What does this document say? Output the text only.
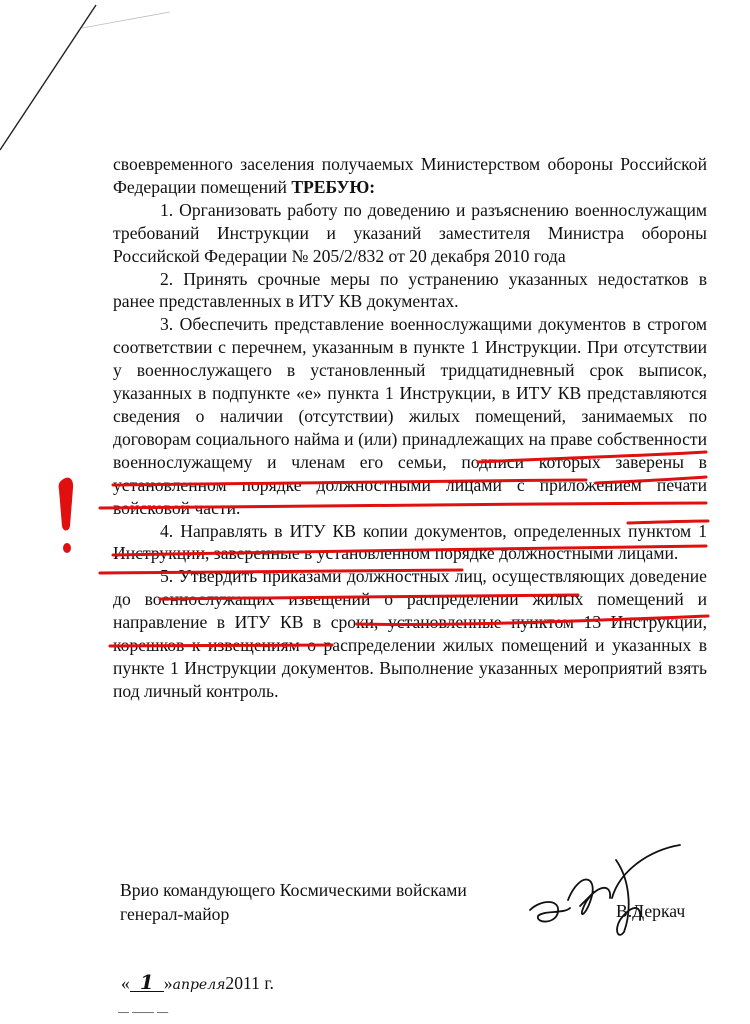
своевременного заселения получаемых Министерством обороны Российской Федерации помещений ТРЕБУЮ:

1. Организовать работу по доведению и разъяснению военнослужащим требований Инструкции и указаний заместителя Министра обороны Российской Федерации № 205/2/832 от 20 декабря 2010 года

2. Принять срочные меры по устранению указанных недостатков в ранее представленных в ИТУ КВ документах.

3. Обеспечить представление военнослужащими документов в строгом соответствии с перечнем, указанным в пункте 1 Инструкции. При отсутствии у военнослужащего в установленный тридцатидневный срок выписок, указанных в подпункте «е» пункта 1 Инструкции, в ИТУ КВ представляются сведения о наличии (отсутствии) жилых помещений, занимаемых по договорам социального найма и (или) принадлежащих на праве собственности военнослужащему и членам его семьи, подписи которых заверены в установленном порядке должностными лицами с приложением печати войсковой части.

4. Направлять в ИТУ КВ копии документов, определенных пунктом 1 Инструкции, заверенные в установленном порядке должностными лицами.

5. Утвердить приказами должностных лиц, осуществляющих доведение до военнослужащих извещений о распределении жилых помещений и направление в ИТУ КВ в сроки, установленные пунктом 13 Инструкции, корешков к извещениям о распределении жилых помещений и указанных в пункте 1 Инструкции документов. Выполнение указанных мероприятий взять под личный контроль.

Врио командующего Космическими войсками
генерал-майор	В.Деркач
« 1 »апреля2011 г.
▔ ▔▔ ▔
